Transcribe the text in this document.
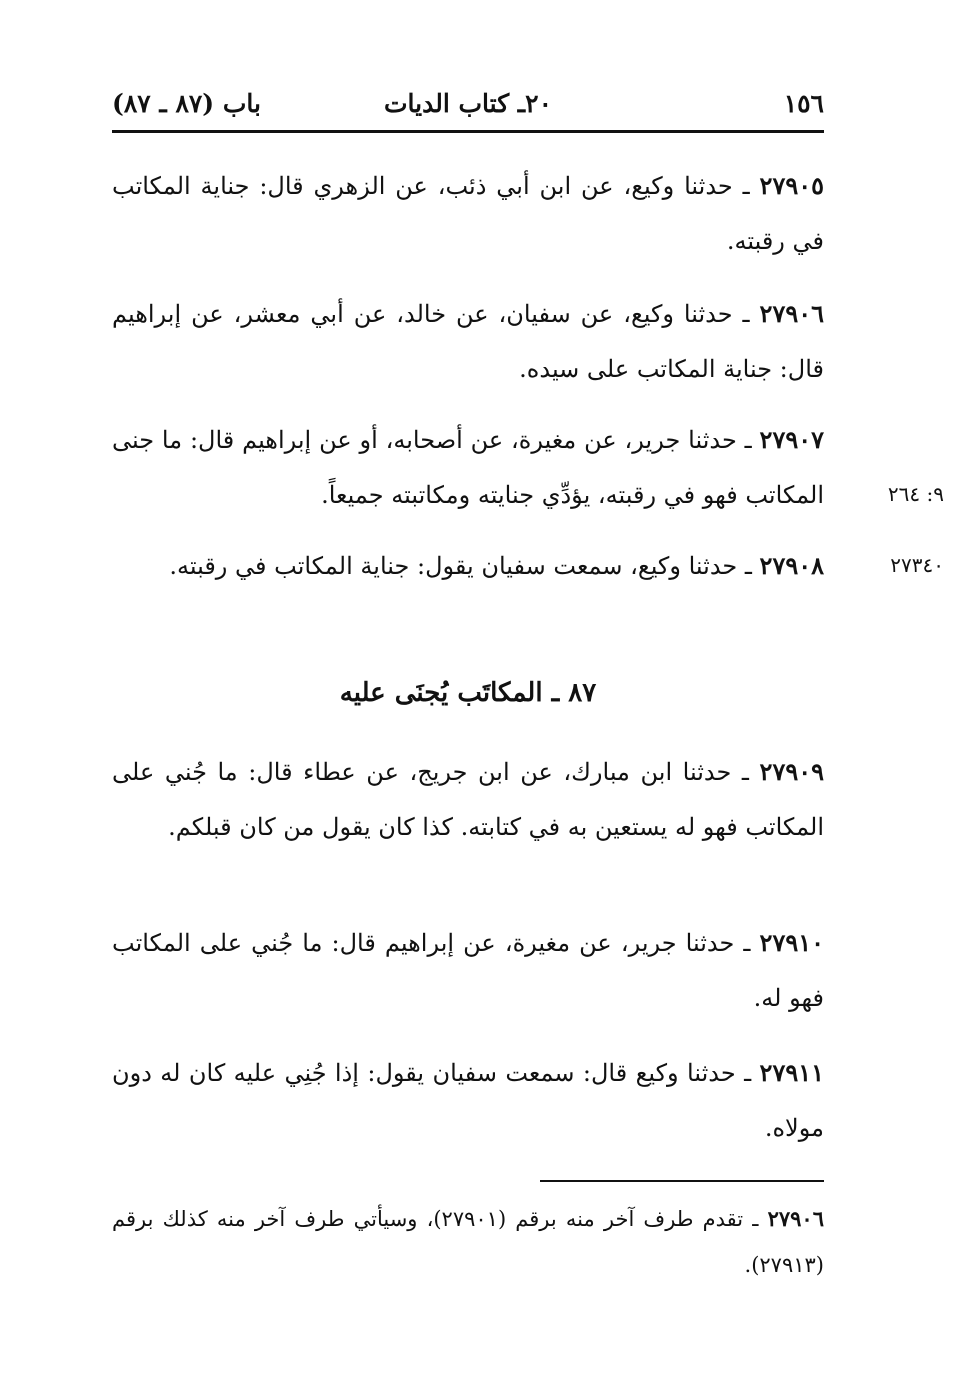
١٥٦
٢٠ـ كتاب الديات
باب (٨٧ ـ ٨٧)
٢٧٩٠٥ ـ حدثنا وكيع، عن ابن أبي ذئب، عن الزهري قال: جناية المكاتب في رقبته.
٢٧٩٠٦ ـ حدثنا وكيع، عن سفيان، عن خالد، عن أبي معشر، عن إبراهيم قال: جناية المكاتب على سيده.
٢٧٩٠٧ ـ حدثنا جرير، عن مغيرة، عن أصحابه، أو عن إبراهيم قال: ما جنى المكاتب فهو في رقبته، يؤدِّي جنايته ومكاتبته جميعاً.	٩: ٢٦٤
٢٧٩٠٨ ـ حدثنا وكيع، سمعت سفيان يقول: جناية المكاتب في رقبته.	٢٧٣٤٠
٨٧ ـ المكاتَب يُجنَى عليه
٢٧٩٠٩ ـ حدثنا ابن مبارك، عن ابن جريج، عن عطاء قال: ما جُني على المكاتب فهو له يستعين به في كتابته. كذا كان يقول من كان قبلكم.
٢٧٩١٠ ـ حدثنا جرير، عن مغيرة، عن إبراهيم قال: ما جُني على المكاتب فهو له.
٢٧٩١١ ـ حدثنا وكيع قال: سمعت سفيان يقول: إذا جُنِي عليه كان له دون مولاه.
٢٧٩٠٦ ـ تقدم طرف آخر منه برقم (٢٧٩٠١)، وسيأتي طرف آخر منه كذلك برقم (٢٧٩١٣).
